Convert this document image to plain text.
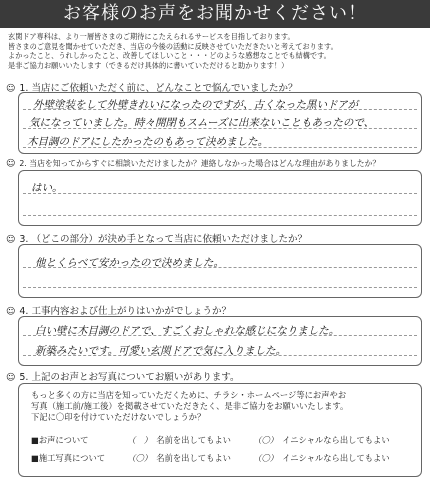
お客様のお声をお聞かせください！
玄関ドア専科は、より一層皆さまのご期待にこたえられるサービスを目指しております。
皆さまのご意見を聞かせていただき、当店の今後の活動に反映させていただきたいと考えております。
よかったこと、うれしかったこと、改善してほしいこと・・・どのような感想なことでも結構です。
是非ご協力お願いいたします（できるだけ具体的に書いていただけると助かります！）
☺ 1. 当店にご依頼いただく前に、どんなことで悩んでいましたか？
外壁塗装をして外壁きれいになったのですが、古くなった黒いドアが
気になっていました。時々開閉もスムーズに出来ないこともあったので、
木目調のドアにしたかったのもあって決めました。
☺ 2. 当店を知ってからすぐに相談いただけましたか？連絡しなかった場合はどんな理由がありましたか？
はい。
☺ 3. （どこの部分）が決め手となって当店に依頼いただけましたか？
他とくらべて安かったので決めました。
☺ 4. 工事内容および仕上がりはいかがでしょうか？
白い壁に木目調のドアで、すごくおしゃれな感じになりました。
新築みたいです。可愛い玄関ドアで気に入りました。
☺ 5. 上記のお声とお写真についてお願いがあります。
もっと多くの方に当店を知っていただくために、チラシ・ホームページ等にお声やお
写真（施工前/施工後）を掲載させていただきたく、是非ご協力をお願いいたします。
下記に〇印を付けていただけないでしょうか？
■お声について	（　） 名前を出してもよい	（〇） イニシャルなら出してもよい
■施工写真について	（〇） 名前を出してもよい	（〇） イニシャルなら出してもよい
